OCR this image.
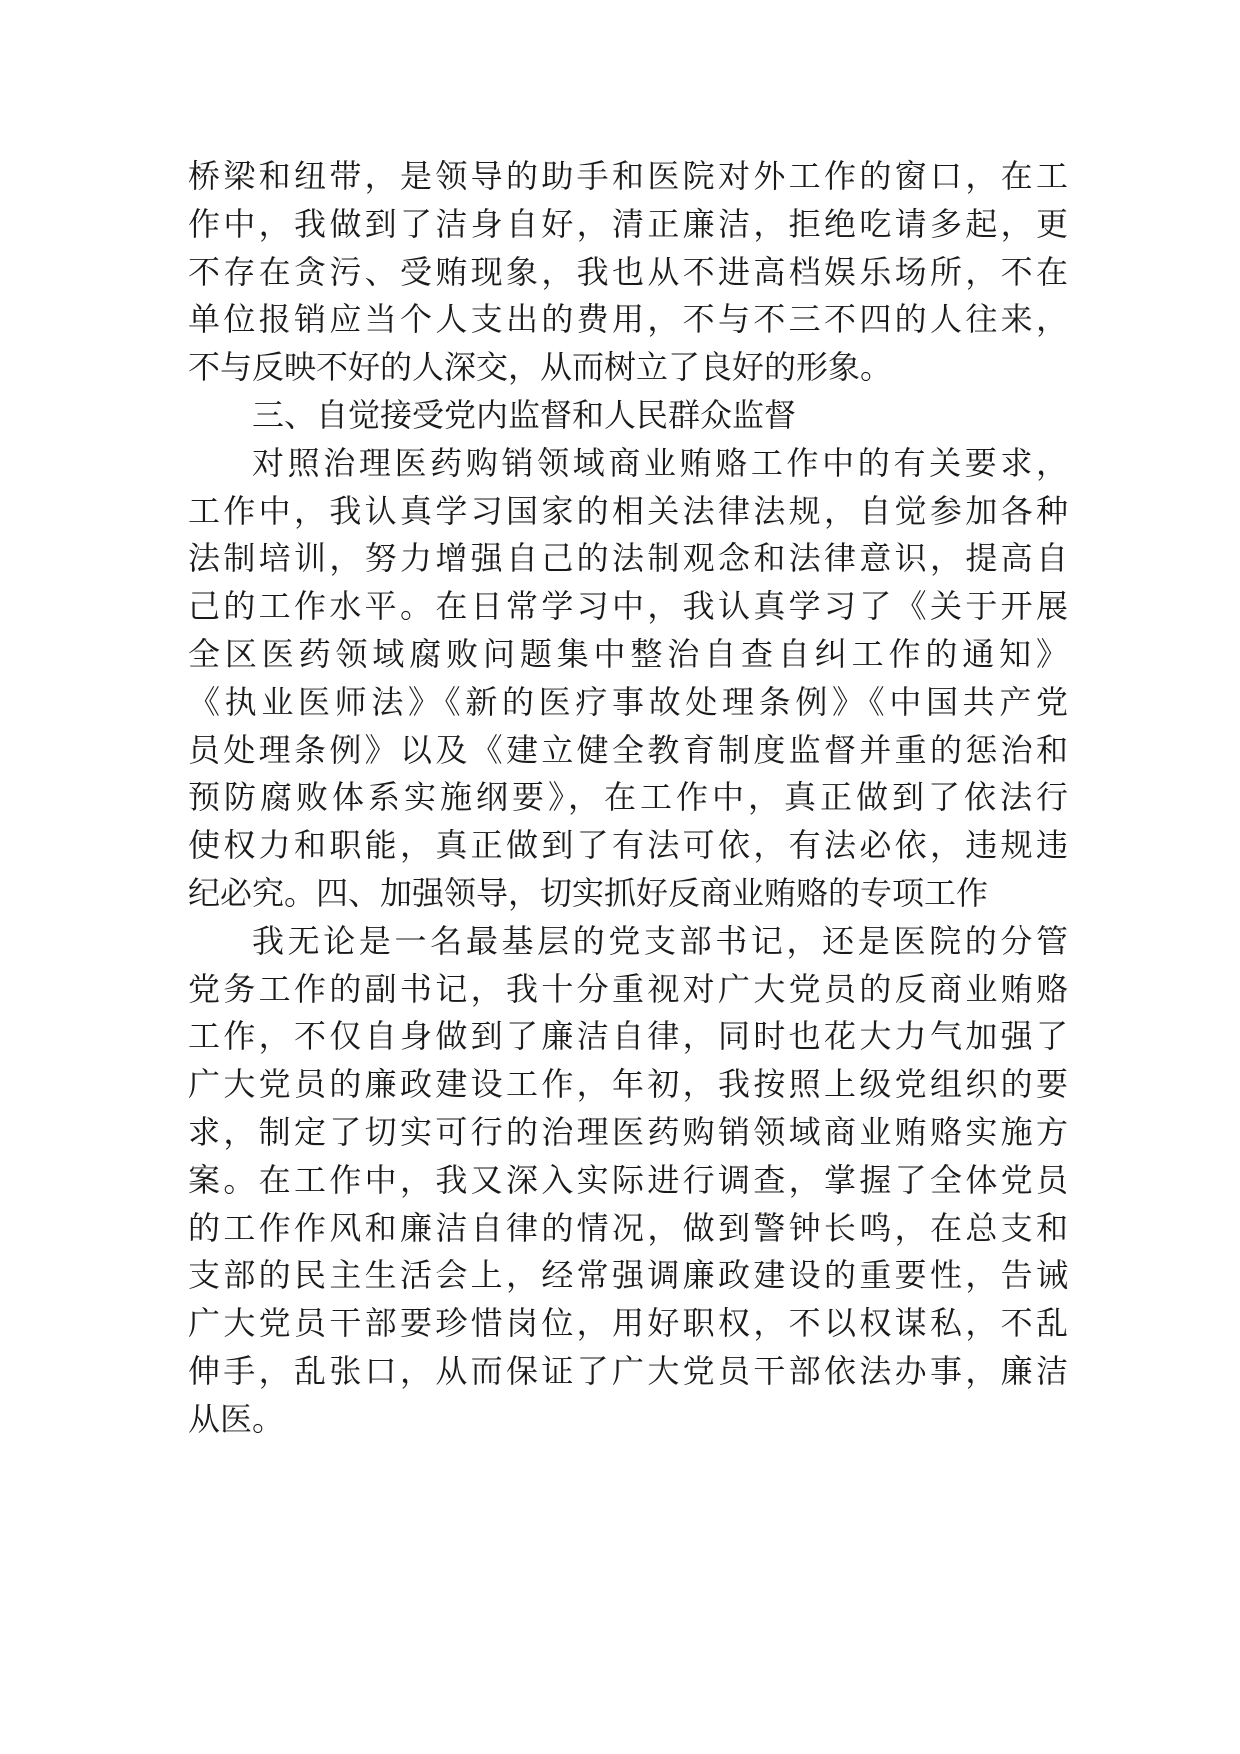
桥梁和纽带，是领导的助手和医院对外工作的窗口，在工
作中，我做到了洁身自好，清正廉洁，拒绝吃请多起，更
不存在贪污、受贿现象，我也从不进高档娱乐场所，不在
单位报销应当个人支出的费用，不与不三不四的人往来，
不与反映不好的人深交，从而树立了良好的形象。
三、自觉接受党内监督和人民群众监督
对照治理医药购销领域商业贿赂工作中的有关要求，
工作中，我认真学习国家的相关法律法规，自觉参加各种
法制培训，努力增强自己的法制观念和法律意识，提高自
己的工作水平。在日常学习中，我认真学习了《关于开展
全区医药领域腐败问题集中整治自查自纠工作的通知》
《执业医师法》《新的医疗事故处理条例》《中国共产党
员处理条例》以及《建立健全教育制度监督并重的惩治和
预防腐败体系实施纲要》，在工作中，真正做到了依法行
使权力和职能，真正做到了有法可依，有法必依，违规违
纪必究。四、加强领导，切实抓好反商业贿赂的专项工作
我无论是一名最基层的党支部书记，还是医院的分管
党务工作的副书记，我十分重视对广大党员的反商业贿赂
工作，不仅自身做到了廉洁自律，同时也花大力气加强了
广大党员的廉政建设工作，年初，我按照上级党组织的要
求，制定了切实可行的治理医药购销领域商业贿赂实施方
案。在工作中，我又深入实际进行调查，掌握了全体党员
的工作作风和廉洁自律的情况，做到警钟长鸣，在总支和
支部的民主生活会上，经常强调廉政建设的重要性，告诫
广大党员干部要珍惜岗位，用好职权，不以权谋私，不乱
伸手，乱张口，从而保证了广大党员干部依法办事，廉洁
从医。
